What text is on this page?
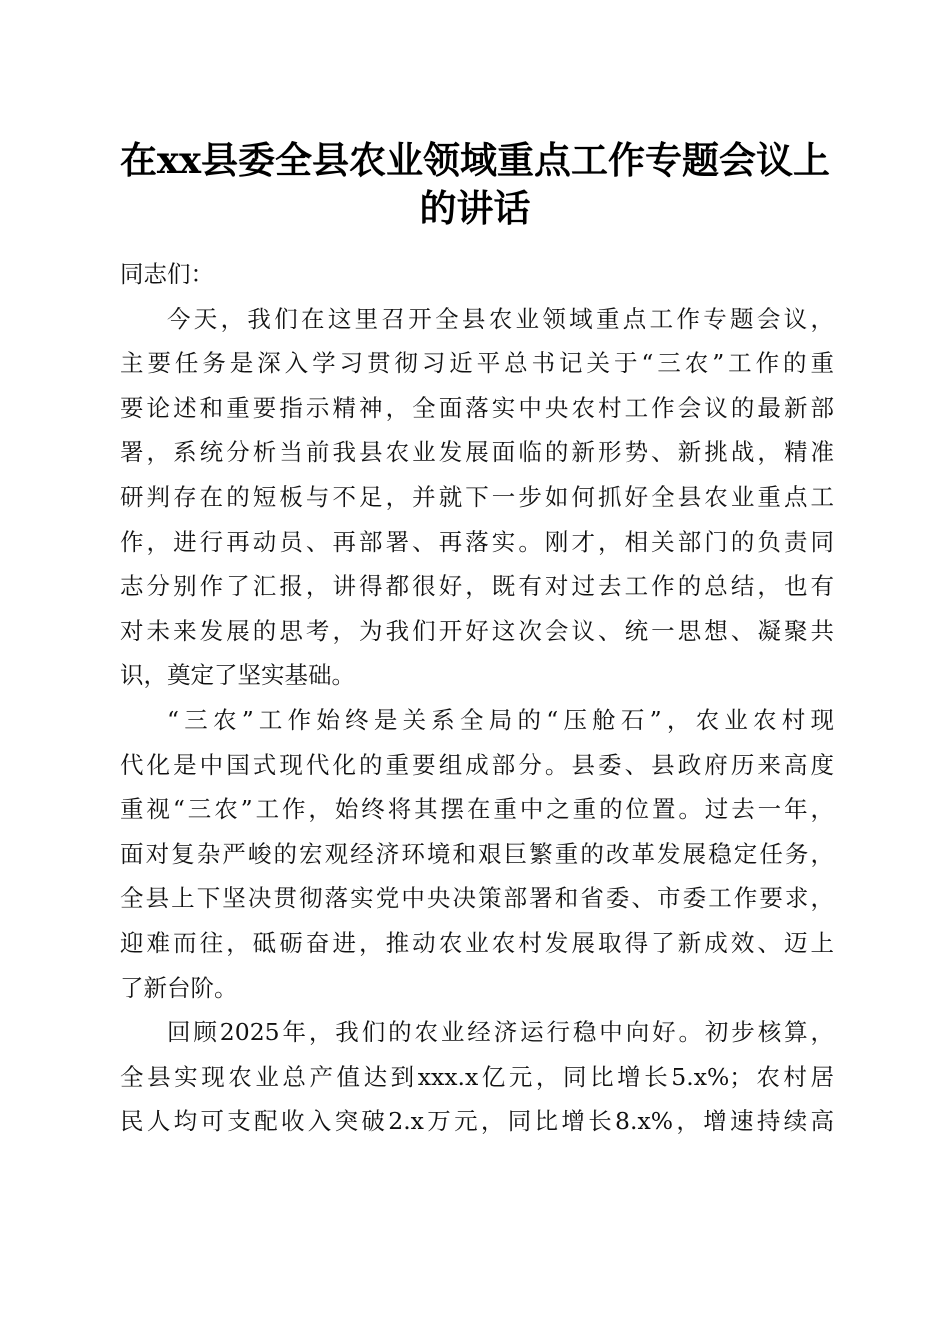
在xx县委全县农业领域重点工作专题会议上
的讲话

同志们：

今天，我们在这里召开全县农业领域重点工作专题会议，
主要任务是深入学习贯彻习近平总书记关于“三农”工作的重
要论述和重要指示精神，全面落实中央农村工作会议的最新部
署，系统分析当前我县农业发展面临的新形势、新挑战，精准
研判存在的短板与不足，并就下一步如何抓好全县农业重点工
作，进行再动员、再部署、再落实。刚才，相关部门的负责同
志分别作了汇报，讲得都很好，既有对过去工作的总结，也有
对未来发展的思考，为我们开好这次会议、统一思想、凝聚共
识，奠定了坚实基础。
“三农”工作始终是关系全局的“压舱石”，农业农村现
代化是中国式现代化的重要组成部分。县委、县政府历来高度
重视“三农”工作，始终将其摆在重中之重的位置。过去一年，
面对复杂严峻的宏观经济环境和艰巨繁重的改革发展稳定任务，
全县上下坚决贯彻落实党中央决策部署和省委、市委工作要求，
迎难而往，砥砺奋进，推动农业农村发展取得了新成效、迈上
了新台阶。
回顾2025年，我们的农业经济运行稳中向好。初步核算，
全县实现农业总产值达到xxx.x亿元，同比增长5.x%；农村居
民人均可支配收入突破2.x万元，同比增长8.x%，增速持续高
